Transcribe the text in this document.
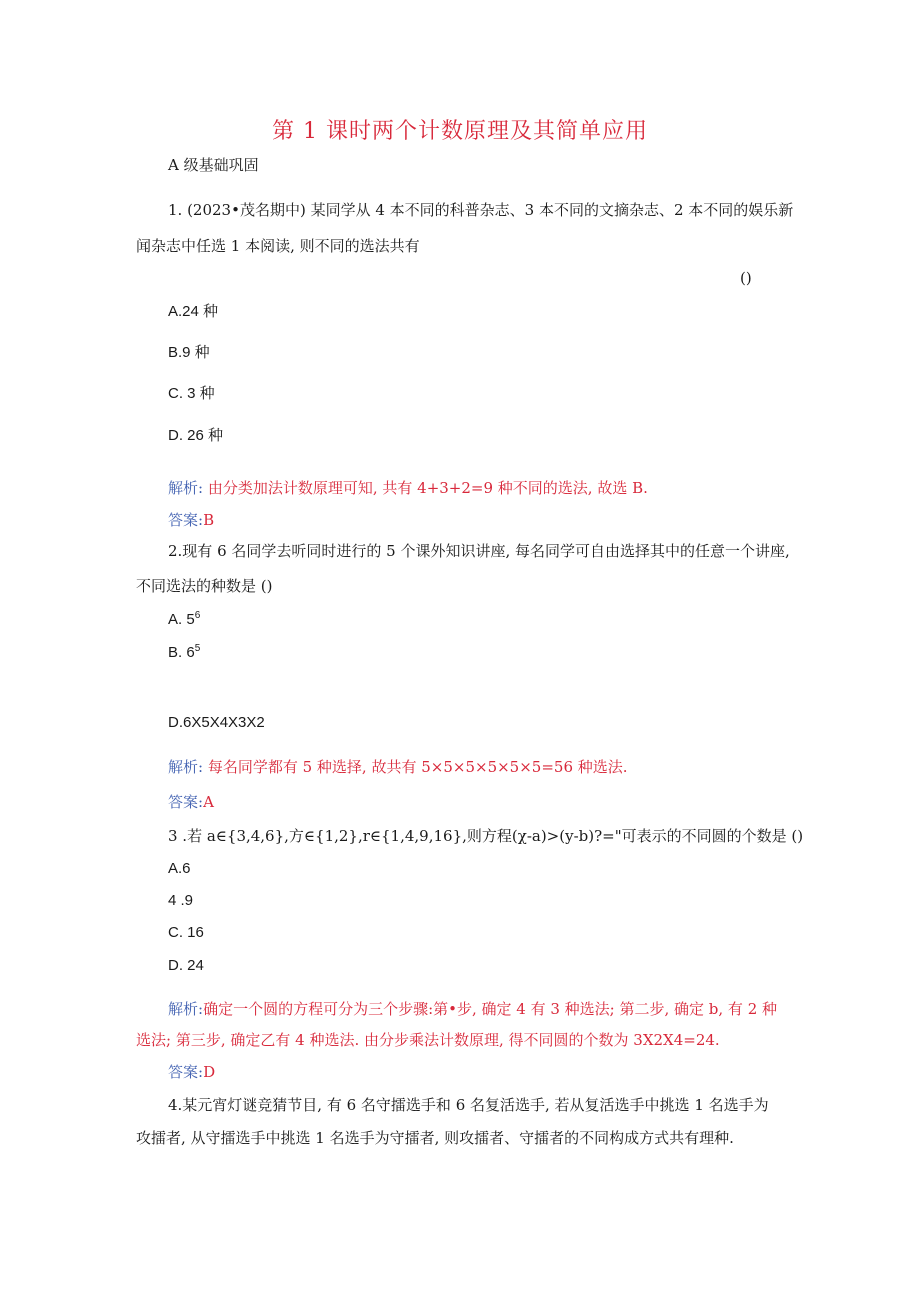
第 1 课时两个计数原理及其简单应用
A 级基础巩固
1. (2023•茂名期中) 某同学从 4 本不同的科普杂志、3 本不同的文摘杂志、2 本不同的娱乐新
闻杂志中任选 1 本阅读, 则不同的选法共有
()
A.24 种
B.9 种
C. 3 种
D. 26 种
解析: 由分类加法计数原理可知, 共有 4+3+2=9 种不同的选法, 故选 B.
答案:B
2.现有 6 名同学去听同时进行的 5 个课外知识讲座, 每名同学可自由选择其中的任意一个讲座,
不同选法的种数是 ()
A. $5^6$
B. $6^5$
D.6X5X4X3X2
解析: 每名同学都有 5 种选择, 故共有 5×5×5×5×5×5=56 种选法.
答案:A
3 .若 a∈{3,4,6},方∈{1,2},r∈{1,4,9,16},则方程(χ-a)>(y-b)?="可表示的不同圆的个数是 ()
A.6
4 .9
C. 16
D. 24
解析:确定一个圆的方程可分为三个步骤:第•步, 确定 4 有 3 种选法; 第二步, 确定 b, 有 2 种
选法; 第三步, 确定乙有 4 种选法. 由分步乘法计数原理, 得不同圆的个数为 3X2X4=24.
答案:D
4.某元宵灯谜竞猜节目, 有 6 名守擂选手和 6 名复活选手, 若从复活选手中挑选 1 名选手为
攻擂者, 从守擂选手中挑选 1 名选手为守擂者, 则攻擂者、守擂者的不同构成方式共有理种.
